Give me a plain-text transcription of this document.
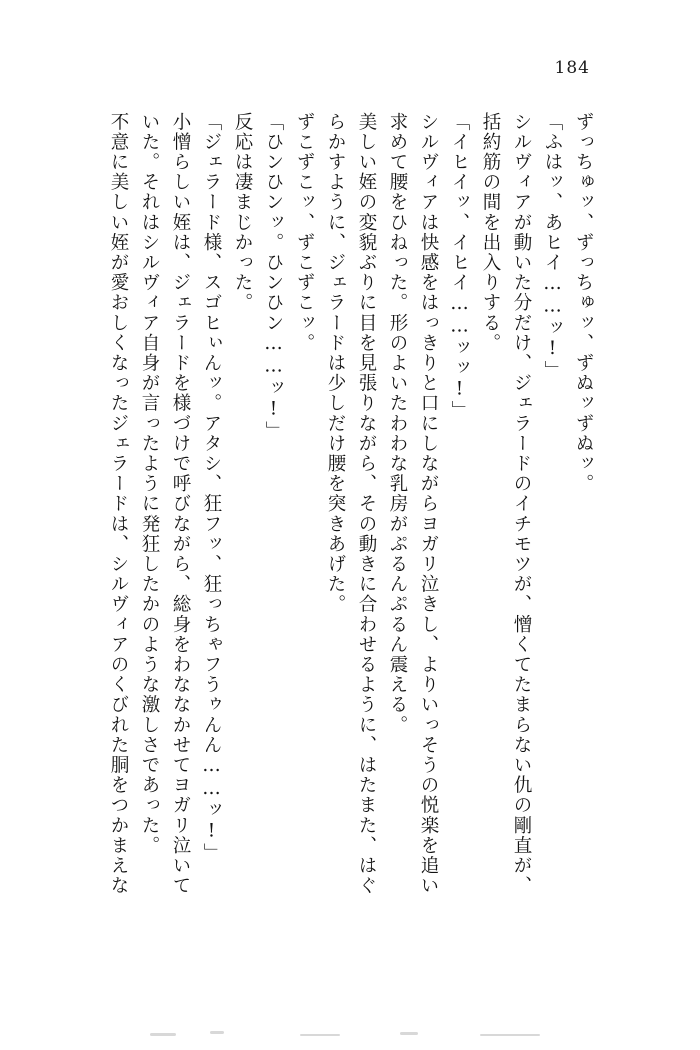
184
ずっちゅッ、ずっちゅッ、ずぬッずぬッ。
「ふはッ、あヒイ……ッ!」
シルヴィアが動いた分だけ、ジェラードのイチモツが、憎くてたまらない仇の剛直が、
括約筋の間を出入りする。
「イヒイッ、イヒイ……ッッ!」
シルヴィアは快感をはっきりと口にしながらヨガリ泣きし、よりいっそうの悦楽を追い
求めて腰をひねった。形のよいたわわな乳房がぷるんぷるん震える。
美しい姪の変貌ぶりに目を見張りながら、その動きに合わせるように、はたまた、はぐ
らかすように、ジェラードは少しだけ腰を突きあげた。
ずこずこッ、ずこずこッ。
「ひンひンッ。ひンひン……ッ!」
反応は凄まじかった。
「ジェラード様、スゴヒぃんッ。アタシ、狂フッ、狂っちゃフうゥんん……ッ!」
小憎らしい姪は、ジェラードを様づけで呼びながら、総身をわななかせてヨガリ泣いて
いた。それはシルヴィア自身が言ったように発狂したかのような激しさであった。
不意に美しい姪が愛おしくなったジェラードは、シルヴィアのくびれた胴をつかまえな
